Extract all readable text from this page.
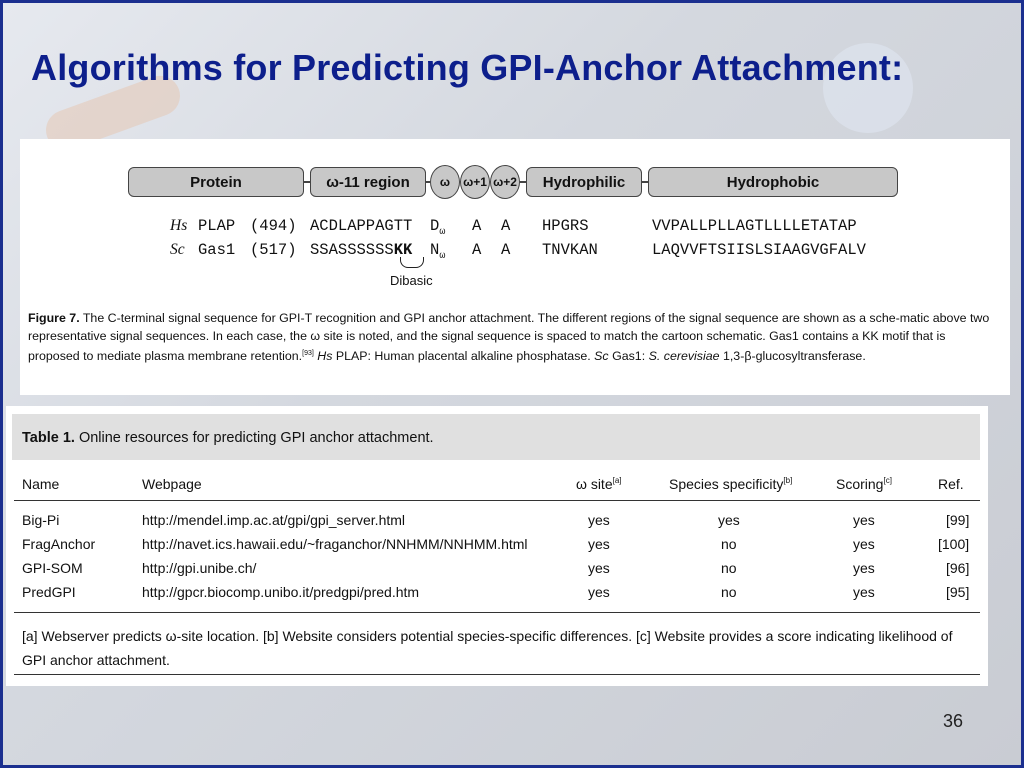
Algorithms for Predicting GPI-Anchor Attachment:
Protein	ω-11 region	ω	ω+1 ω+2	Hydrophilic	Hydrophobic
Hs PLAP (494) ACDLAPPAGTT $D_\omega$ A A HPGRS	VVPALLPLLAGTLLLLETATAP
Sc Gas1 (517) SSASSSSSSKK $N_\omega$ A A TNVKAN	LAQVVFTSIISLSIAAGVGFALV
Dibasic
Figure 7. The C-terminal signal sequence for GPI-T recognition and GPI anchor attachment. The different regions of the signal sequence are shown as a sche-matic above two representative signal sequences. In each case, the ω site is noted, and the signal sequence is spaced to match the cartoon schematic. Gas1 contains a KK motif that is proposed to mediate plasma membrane retention.[93] Hs PLAP: Human placental alkaline phosphatase. Sc Gas1: S. cerevisiae 1,3-β-glucosyltransferase.
Table 1. Online resources for predicting GPI anchor attachment.
Name	Webpage	ω site[a]	Species specificity[b]	Scoring[c]	Ref.
Big-Pi	http://mendel.imp.ac.at/gpi/gpi_server.html	yes	yes	yes	[99]
FragAnchor	http://navet.ics.hawaii.edu/~fraganchor/NNHMM/NNHMM.html	yes	no	yes	[100]
GPI-SOM	http://gpi.unibe.ch/	yes	no	yes	[96]
PredGPI	http://gpcr.biocomp.unibo.it/predgpi/pred.htm	yes	no	yes	[95]
[a] Webserver predicts ω-site location. [b] Website considers potential species-specific differences. [c] Website provides a score indicating likelihood of GPI anchor attachment.
36
